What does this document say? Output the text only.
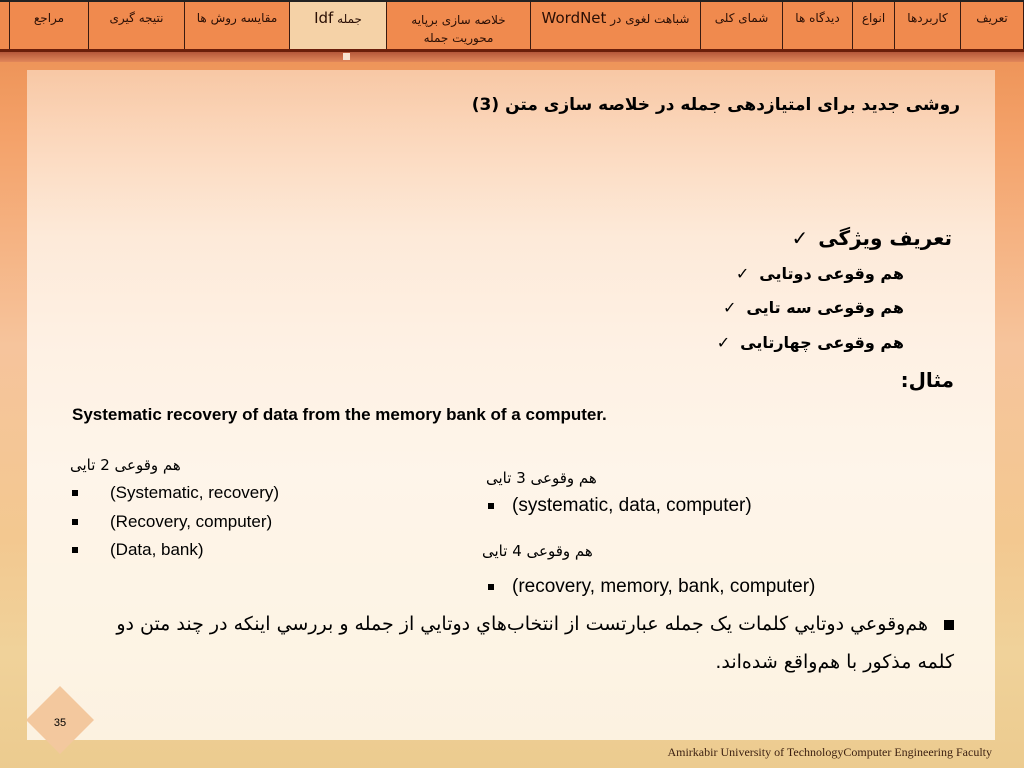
تعریف
کاربردها
انواع
دیدگاه ها
شمای کلی
شباهت لغوی در WordNet
خلاصه سازی برپایه
محوریت جمله
جمله Idf
مقایسه روش ها
نتیجه گیری
مراجع
روشی جدید برای امتیازدهی جمله در خلاصه سازی متن (3)
✓ تعریف ویژگی
✓ هم وقوعی دوتایی
✓ هم وقوعی سه تایی
✓ هم وقوعی چهارتایی
مثال:
Systematic recovery of data from the memory bank of a computer.
هم وقوعی 2 تایی
(Systematic, recovery)
(Recovery, computer)
(Data, bank)
هم وقوعی 3 تایی
(systematic, data, computer)
هم وقوعی 4 تایی
(recovery, memory, bank, computer)
هم‌وقوعي دوتايي كلمات يک جمله عبارتست از انتخاب‌هاي دوتايي از جمله و بررسي اينكه در چند متن دو كلمه مذكور با هم‌واقع شده‌اند.
35
Amirkabir University of TechnologyComputer Engineering Faculty
